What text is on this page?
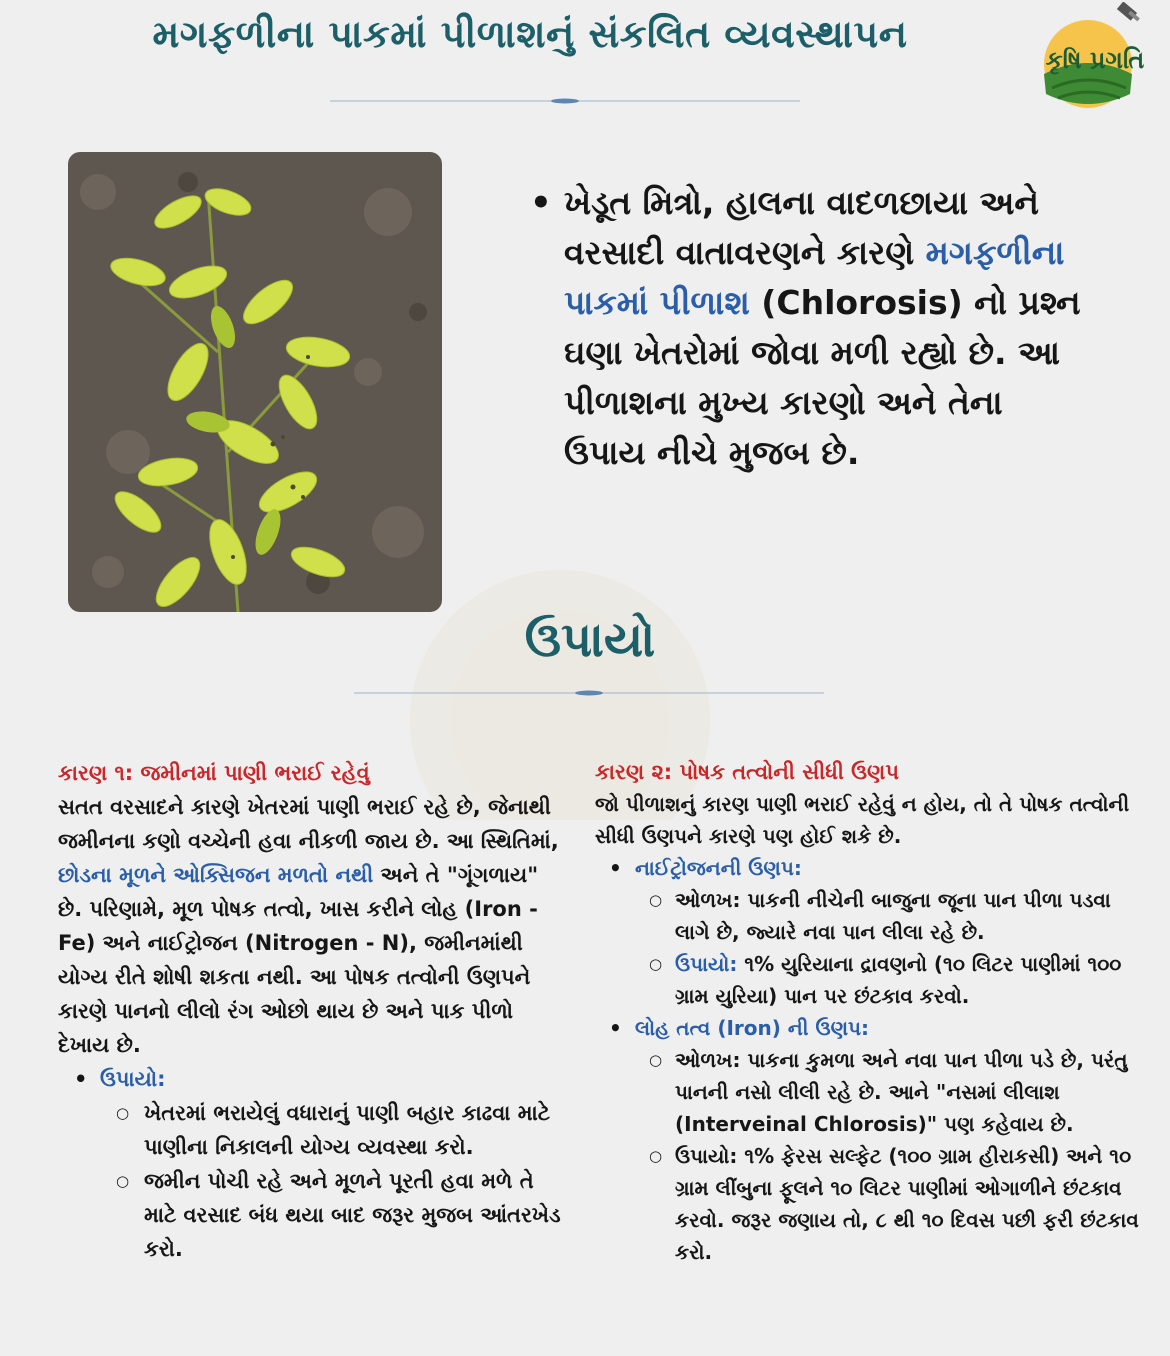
મગફળીના પાકમાં પીળાશનું સંકલિત વ્યવસ્થાપન
કૃષિ પ્રગતિ
• ખેડૂત મિત્રો, હાલના વાદળછાયા અને વરસાદી વાતાવરણને કારણે મગફળીના પાકમાં પીળાશ (Chlorosis) નો પ્રશ્ન ઘણા ખેતરોમાં જોવા મળી રહ્યો છે. આ પીળાશના મુખ્ય કારણો અને તેના ઉપાય નીચે મુજબ છે.
ઉપાયો

કારણ ૧: જમીનમાં પાણી ભરાઈ રહેવું

સતત વરસાદને કારણે ખેતરમાં પાણી ભરાઈ રહે છે, જેનાથી જમીનના કણો વચ્ચેની હવા નીકળી જાય છે. આ સ્થિતિમાં, છોડના મૂળને ઓક્સિજન મળતો નથી અને તે "ગૂંગળાય" છે. પરિણામે, મૂળ પોષક તત્વો, ખાસ કરીને લોહ (Iron - Fe) અને નાઈટ્રોજન (Nitrogen - N), જમીનમાંથી યોગ્ય રીતે શોષી શકતા નથી. આ પોષક તત્વોની ઉણપને કારણે પાનનો લીલો રંગ ઓછો થાય છે અને પાક પીળો દેખાય છે.

• ઉપાયો:
○ ખેતરમાં ભરાયેલું વધારાનું પાણી બહાર કાઢવા માટે પાણીના નિકાલની યોગ્ય વ્યવસ્થા કરો.
○ જમીન પોચી રહે અને મૂળને પૂરતી હવા મળે તે માટે વરસાદ બંધ થયા બાદ જરૂર મુજબ આંતરખેડ કરો.

કારણ ૨: પોષક તત્વોની સીધી ઉણપ

જો પીળાશનું કારણ પાણી ભરાઈ રહેવું ન હોય, તો તે પોષક તત્વોની સીધી ઉણપને કારણે પણ હોઈ શકે છે.

• નાઈટ્રોજનની ઉણપ:
○ ઓળખ: પાકની નીચેની બાજુના જૂના પાન પીળા પડવા લાગે છે, જ્યારે નવા પાન લીલા રહે છે.
○ ઉપાયો: ૧% યુરિયાના દ્રાવણનો (૧૦ લિટર પાણીમાં ૧૦૦ ગ્રામ યુરિયા) પાન પર છંટકાવ કરવો.
• લોહ તત્વ (Iron) ની ઉણપ:
○ ઓળખ: પાકના કુમળા અને નવા પાન પીળા પડે છે, પરંતુ પાનની નસો લીલી રહે છે. આને "નસમાં લીલાશ (Interveinal Chlorosis)" પણ કહેવાય છે.
○ ઉપાયો: ૧% ફેરસ સલ્ફેટ (૧૦૦ ગ્રામ હીરાકસી) અને ૧૦ ગ્રામ લીંબુના ફૂલને ૧૦ લિટર પાણીમાં ઓગાળીને છંટકાવ કરવો. જરૂર જણાય તો, ૮ થી ૧૦ દિવસ પછી ફરી છંટકાવ કરો.
